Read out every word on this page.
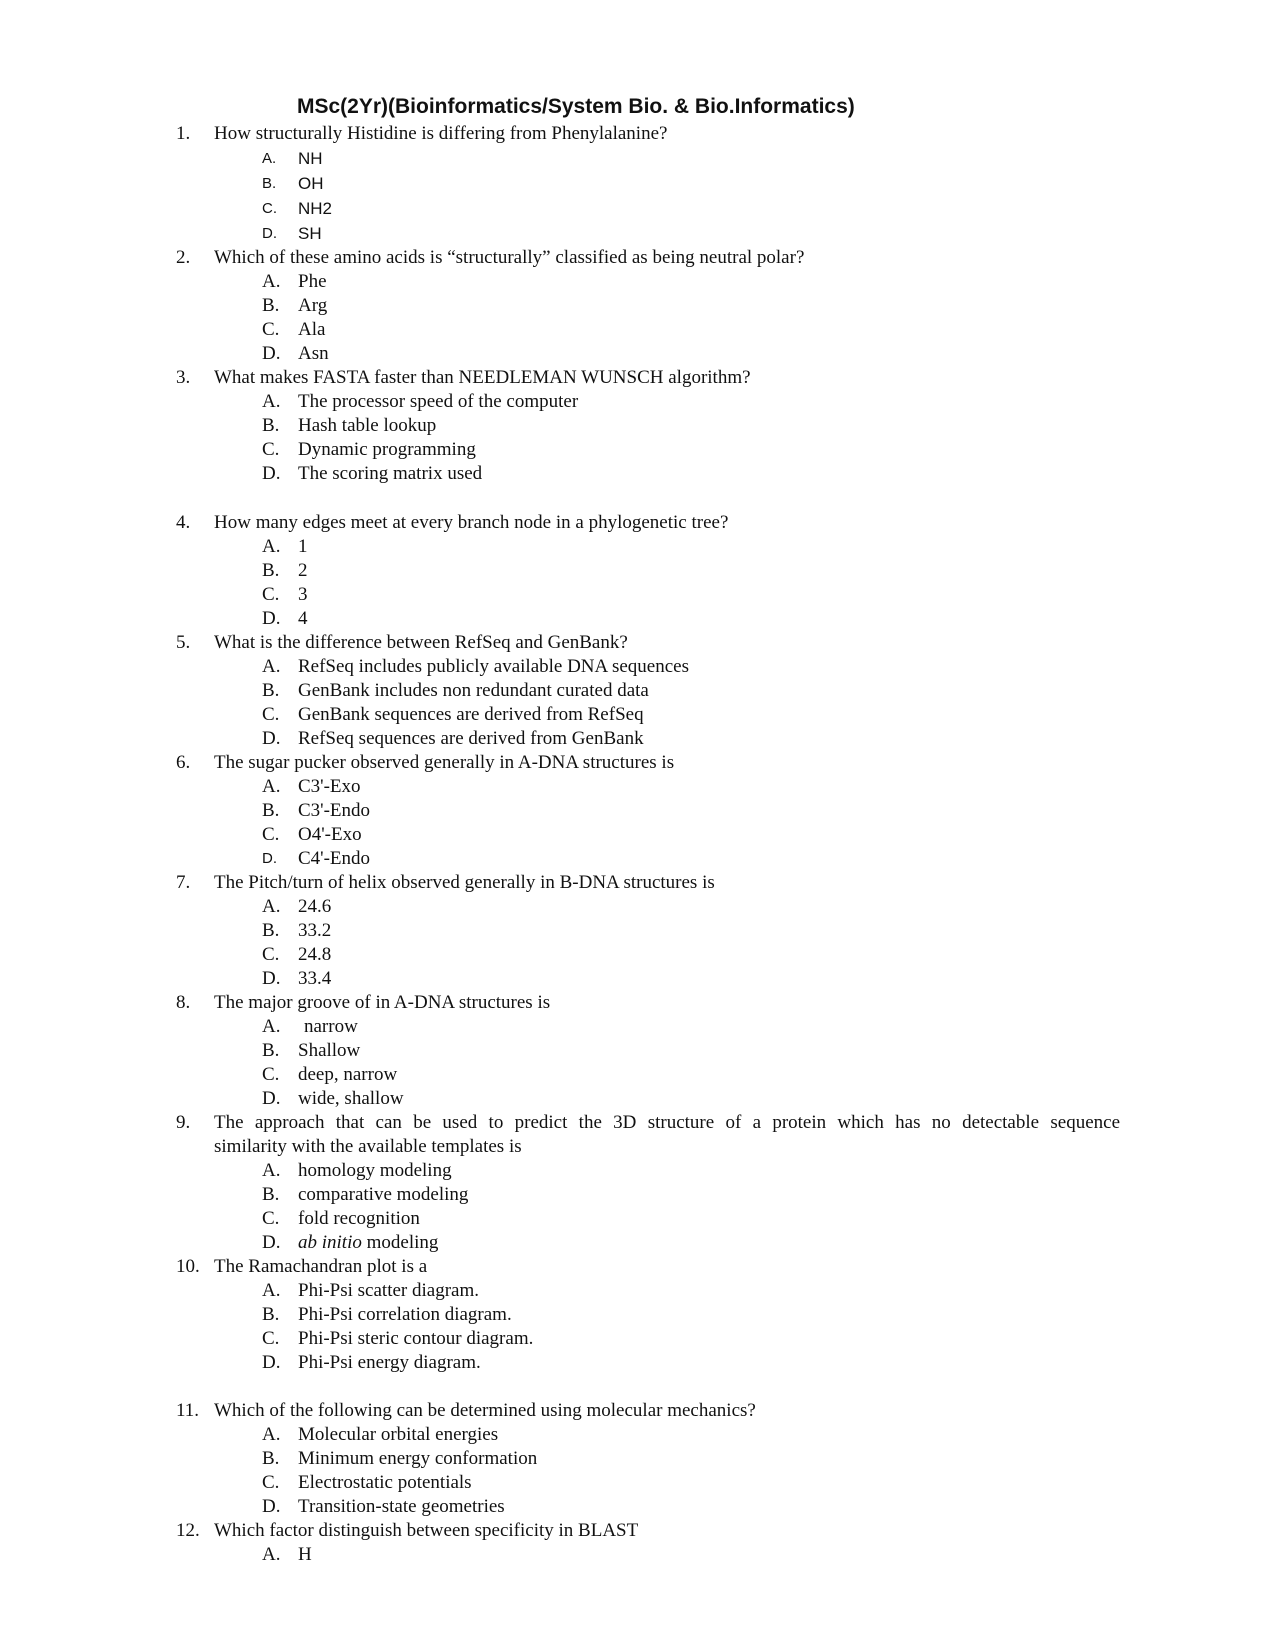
MSc(2Yr)(Bioinformatics/System Bio. & Bio.Informatics)
1.	How structurally Histidine is differing from Phenylalanine?
A.	NH
B.	OH
C.	NH2
D.	SH
2.	Which of these amino acids is “structurally” classified as being neutral polar?
A. Phe
B. Arg
C. Ala
D. Asn
3.	What makes FASTA faster than NEEDLEMAN WUNSCH algorithm?
A. The processor speed of the computer
B. Hash table lookup
C. Dynamic programming
D. The scoring matrix used
4.	How many edges meet at every branch node in a phylogenetic tree?
A. 1
B. 2
C. 3
D. 4
5.	What is the difference between RefSeq and GenBank?
A. RefSeq includes publicly available DNA sequences
B. GenBank includes non redundant curated data
C. GenBank sequences are derived from RefSeq
D. RefSeq sequences are derived from GenBank
6.	The sugar pucker observed generally in A-DNA structures is
A. C3'-Exo
B. C3'-Endo
C. O4'-Exo
D.	C4'-Endo
7.	The Pitch/turn of helix observed generally in B-DNA structures is
A. 24.6
B. 33.2
C. 24.8
D. 33.4
8.	The major groove of in A-DNA structures is
A. narrow
B. Shallow
C. deep, narrow
D. wide, shallow
9.	The approach that can be used to predict the 3D structure of a protein which has no detectable sequence
similarity with the available templates is
A. homology modeling
B. comparative modeling
C. fold recognition
D. ab initio modeling
10. The Ramachandran plot is a
A. Phi-Psi scatter diagram.
B. Phi-Psi correlation diagram.
C. Phi-Psi steric contour diagram.
D. Phi-Psi energy diagram.
11. Which of the following can be determined using molecular mechanics?
A. Molecular orbital energies
B. Minimum energy conformation
C. Electrostatic potentials
D. Transition-state geometries
12. Which factor distinguish between specificity in BLAST
A. H
